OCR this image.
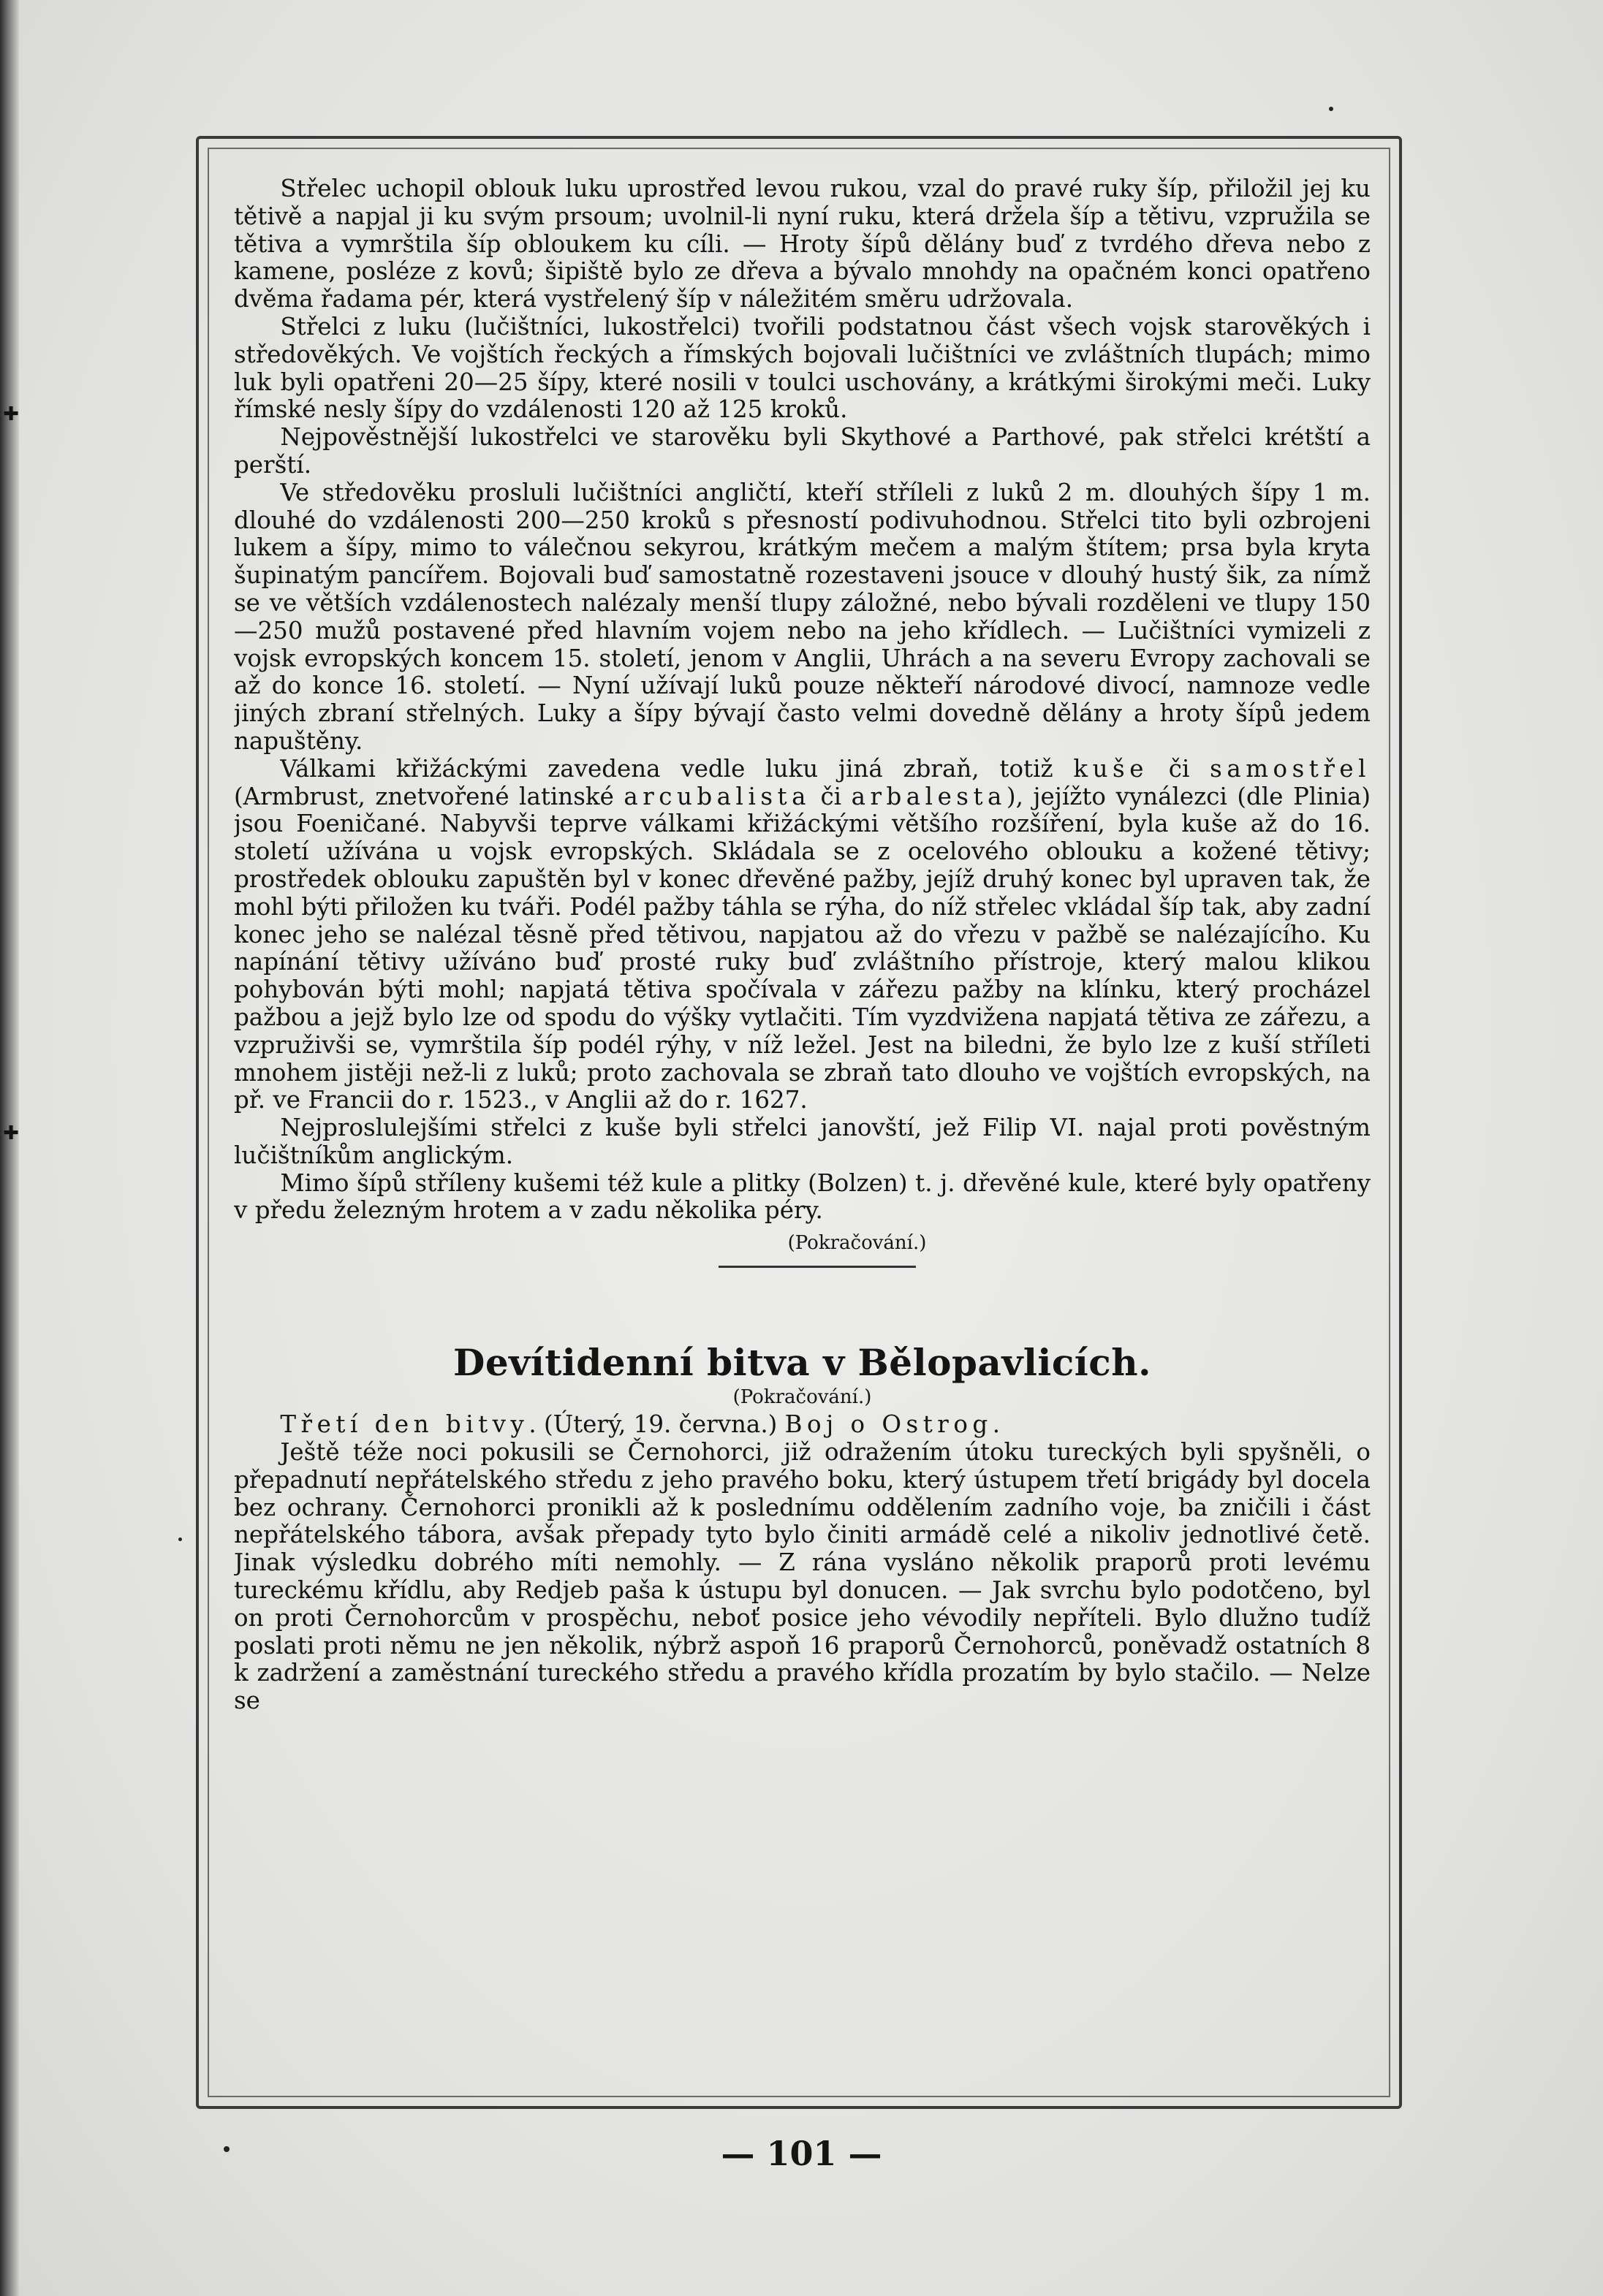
✚
✚

Střelec uchopil oblouk luku uprostřed levou rukou, vzal do pravé ruky šíp, přiložil jej ku tětivě a napjal ji ku svým prsoum; uvolnil-li nyní ruku, která držela šíp a tětivu, vzpružila se tětiva a vymrštila šíp obloukem ku cíli. — Hroty šípů dělány buď z tvrdého dřeva nebo z kamene, posléze z kovů; šipiště bylo ze dřeva a bývalo mnohdy na opačném konci opatřeno dvěma řadama pér, která vystřelený šíp v náležitém směru udržovala.

Střelci z luku (lučištníci, lukostřelci) tvořili podstatnou část všech vojsk starověkých i středověkých. Ve vojštích řeckých a římských bojovali lučištníci ve zvláštních tlupách; mimo luk byli opatřeni 20—25 šípy, které nosili v toulci uschovány, a krátkými širokými meči. Luky římské nesly šípy do vzdálenosti 120 až 125 kroků.

Nejpověstnější lukostřelci ve starověku byli Skythové a Parthové, pak střelci krétští a perští.

Ve středověku prosluli lučištníci angličtí, kteří stříleli z luků 2 m. dlouhých šípy 1 m. dlouhé do vzdálenosti 200—250 kroků s přesností podivuhodnou. Střelci tito byli ozbrojeni lukem a šípy, mimo to válečnou sekyrou, krátkým mečem a malým štítem; prsa byla kryta šupinatým pancířem. Bojovali buď samostatně rozestaveni jsouce v dlouhý hustý šik, za nímž se ve větších vzdálenostech nalézaly menší tlupy záložné, nebo bývali rozděleni ve tlupy 150—250 mužů postavené před hlavním vojem nebo na jeho křídlech. — Lučištníci vymizeli z vojsk evropských koncem 15. století, jenom v Anglii, Uhrách a na severu Evropy zachovali se až do konce 16. století. — Nyní užívají luků pouze někteří národové divocí, namnoze vedle jiných zbraní střelných. Luky a šípy bývají často velmi dovedně dělány a hroty šípů jedem napuštěny.

Válkami křižáckými zavedena vedle luku jiná zbraň, totiž kuše či samostřel (Armbrust, znetvořené latinské arcubalista či arbalesta), jejížto vynálezci (dle Plinia) jsou Foeničané. Nabyvši teprve válkami křižáckými většího rozšíření, byla kuše až do 16. století užívána u vojsk evropských. Skládala se z ocelového oblouku a kožené tětivy; prostředek oblouku zapuštěn byl v konec dřevěné pažby, jejíž druhý konec byl upraven tak, že mohl býti přiložen ku tváři. Podél pažby táhla se rýha, do níž střelec vkládal šíp tak, aby zadní konec jeho se nalézal těsně před tětivou, napjatou až do vřezu v pažbě se nalézajícího. Ku napínání tětivy užíváno buď prosté ruky buď zvláštního přístroje, který malou klikou pohybován býti mohl; napjatá tětiva spočívala v zářezu pažby na klínku, který procházel pažbou a jejž bylo lze od spodu do výšky vytlačiti. Tím vyzdvižena napjatá tětiva ze zářezu, a vzpruživši se, vymrštila šíp podél rýhy, v níž ležel. Jest na biledni, že bylo lze z kuší stříleti mnohem jistěji než-li z luků; proto zachovala se zbraň tato dlouho ve vojštích evropských, na př. ve Francii do r. 1523., v Anglii až do r. 1627.

Nejproslulejšími střelci z kuše byli střelci janovští, jež Filip VI. najal proti pověstným lučištníkům anglickým.

Mimo šípů stříleny kušemi též kule a plitky (Bolzen) t. j. dřevěné kule, které byly opatřeny v předu železným hrotem a v zadu několika péry.

(Pokračování.)
Devítidenní bitva v Bělopavlicích.
(Pokračování.)

Třetí den bitvy. (Úterý, 19. června.) Boj o Ostrog.

Ještě téže noci pokusili se Černohorci, již odražením útoku tureckých byli spyšněli, o přepadnutí nepřátelského středu z jeho pravého boku, který ústupem třetí brigády byl docela bez ochrany. Černohorci pronikli až k poslednímu oddělením zadního voje, ba zničili i část nepřátelského tábora, avšak přepady tyto bylo činiti armádě celé a nikoliv jednotlivé četě. Jinak výsledku dobrého míti nemohly. — Z rána vysláno několik praporů proti levému tureckému křídlu, aby Redjeb paša k ústupu byl donucen. — Jak svrchu bylo podotčeno, byl on proti Černohorcům v prospěchu, neboť posice jeho vévodily nepříteli. Bylo dlužno tudíž poslati proti němu ne jen několik, nýbrž aspoň 16 praporů Černohorců, poněvadž ostatních 8 k zadržení a zaměstnání tureckého středu a pravého křídla prozatím by bylo stačilo. — Nelze se

— 101 —
